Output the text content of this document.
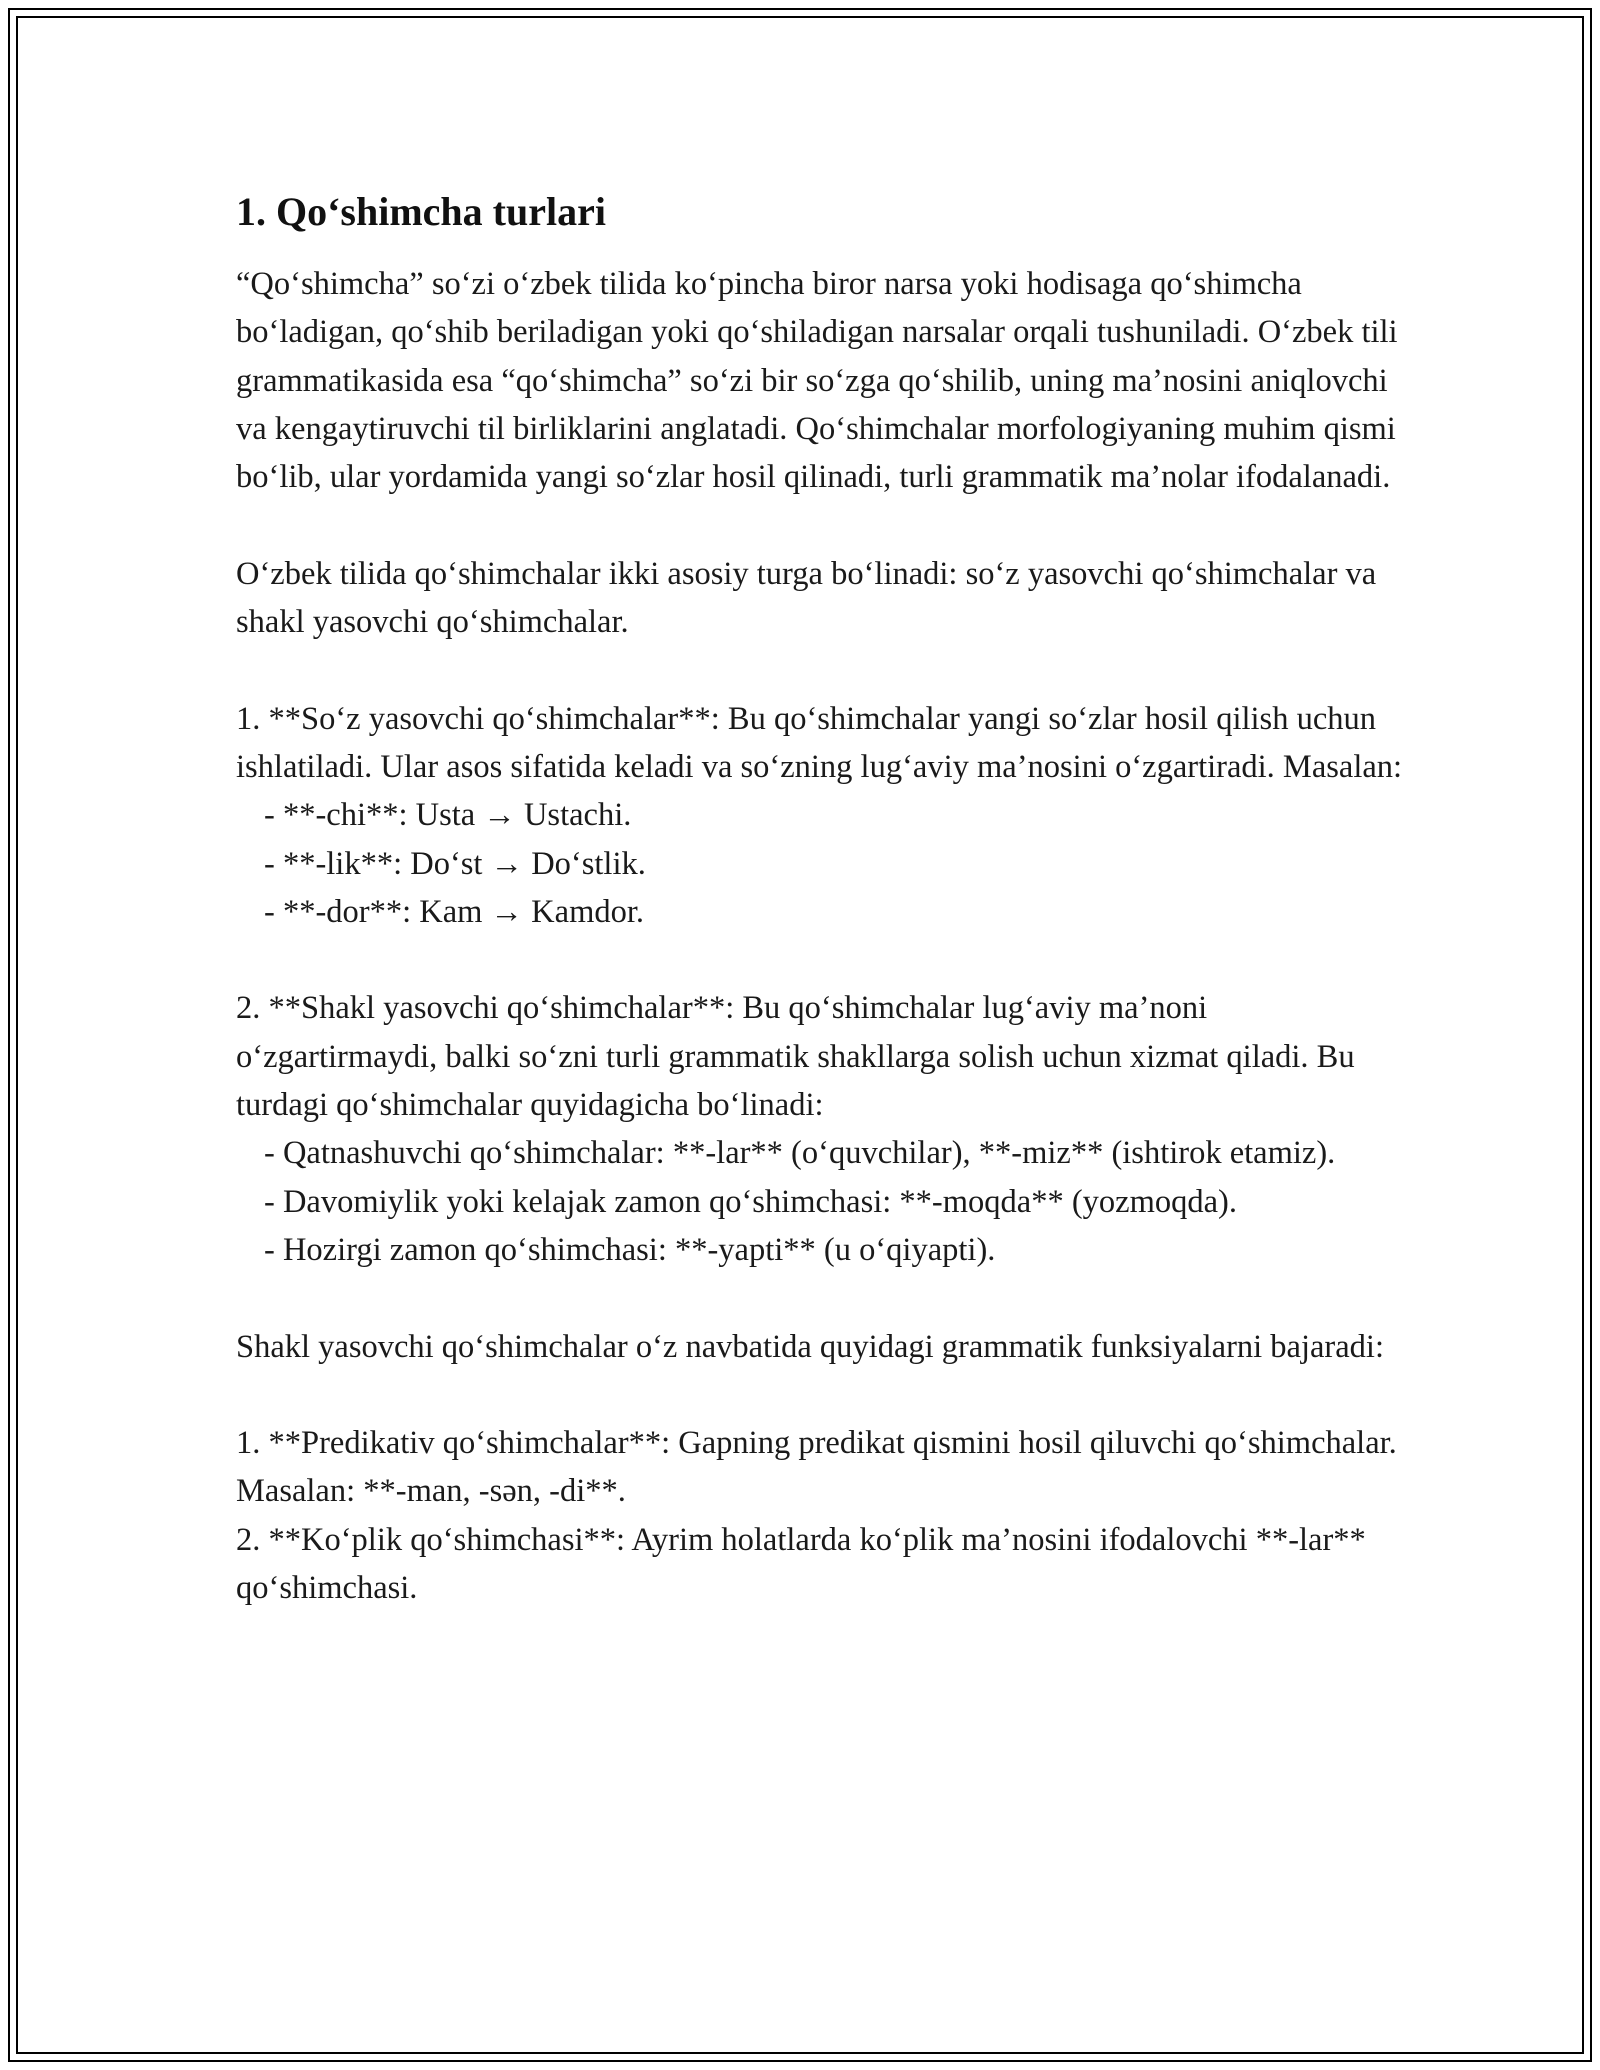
1. Qo‘shimcha turlari

“Qo‘shimcha” so‘zi o‘zbek tilida ko‘pincha biror narsa yoki hodisaga qo‘shimcha bo‘ladigan, qo‘shib beriladigan yoki qo‘shiladigan narsalar orqali tushuniladi. O‘zbek tili grammatikasida esa “qo‘shimcha” so‘zi bir so‘zga qo‘shilib, uning ma’nosini aniqlovchi va kengaytiruvchi til birliklarini anglatadi. Qo‘shimchalar morfologiyaning muhim qismi bo‘lib, ular yordamida yangi so‘zlar hosil qilinadi, turli grammatik ma’nolar ifodalanadi.

O‘zbek tilida qo‘shimchalar ikki asosiy turga bo‘linadi: so‘z yasovchi qo‘shimchalar va shakl yasovchi qo‘shimchalar.

1. **So‘z yasovchi qo‘shimchalar**: Bu qo‘shimchalar yangi so‘zlar hosil qilish uchun ishlatiladi. Ular asos sifatida keladi va so‘zning lug‘aviy ma’nosini o‘zgartiradi. Masalan:

- **-chi**: Usta → Ustachi.

- **-lik**: Do‘st → Do‘stlik.

- **-dor**: Kam → Kamdor.

2. **Shakl yasovchi qo‘shimchalar**: Bu qo‘shimchalar lug‘aviy ma’noni o‘zgartirmaydi, balki so‘zni turli grammatik shakllarga solish uchun xizmat qiladi. Bu turdagi qo‘shimchalar quyidagicha bo‘linadi:

- Qatnashuvchi qo‘shimchalar: **-lar** (o‘quvchilar), **-miz** (ishtirok etamiz).

- Davomiylik yoki kelajak zamon qo‘shimchasi: **-moqda** (yozmoqda).

- Hozirgi zamon qo‘shimchasi: **-yapti** (u o‘qiyapti).

Shakl yasovchi qo‘shimchalar o‘z navbatida quyidagi grammatik funksiyalarni bajaradi:

1. **Predikativ qo‘shimchalar**: Gapning predikat qismini hosil qiluvchi qo‘shimchalar. Masalan: **-man, -sən, -di**.

2. **Ko‘plik qo‘shimchasi**: Ayrim holatlarda ko‘plik ma’nosini ifodalovchi **-lar** qo‘shimchasi.
